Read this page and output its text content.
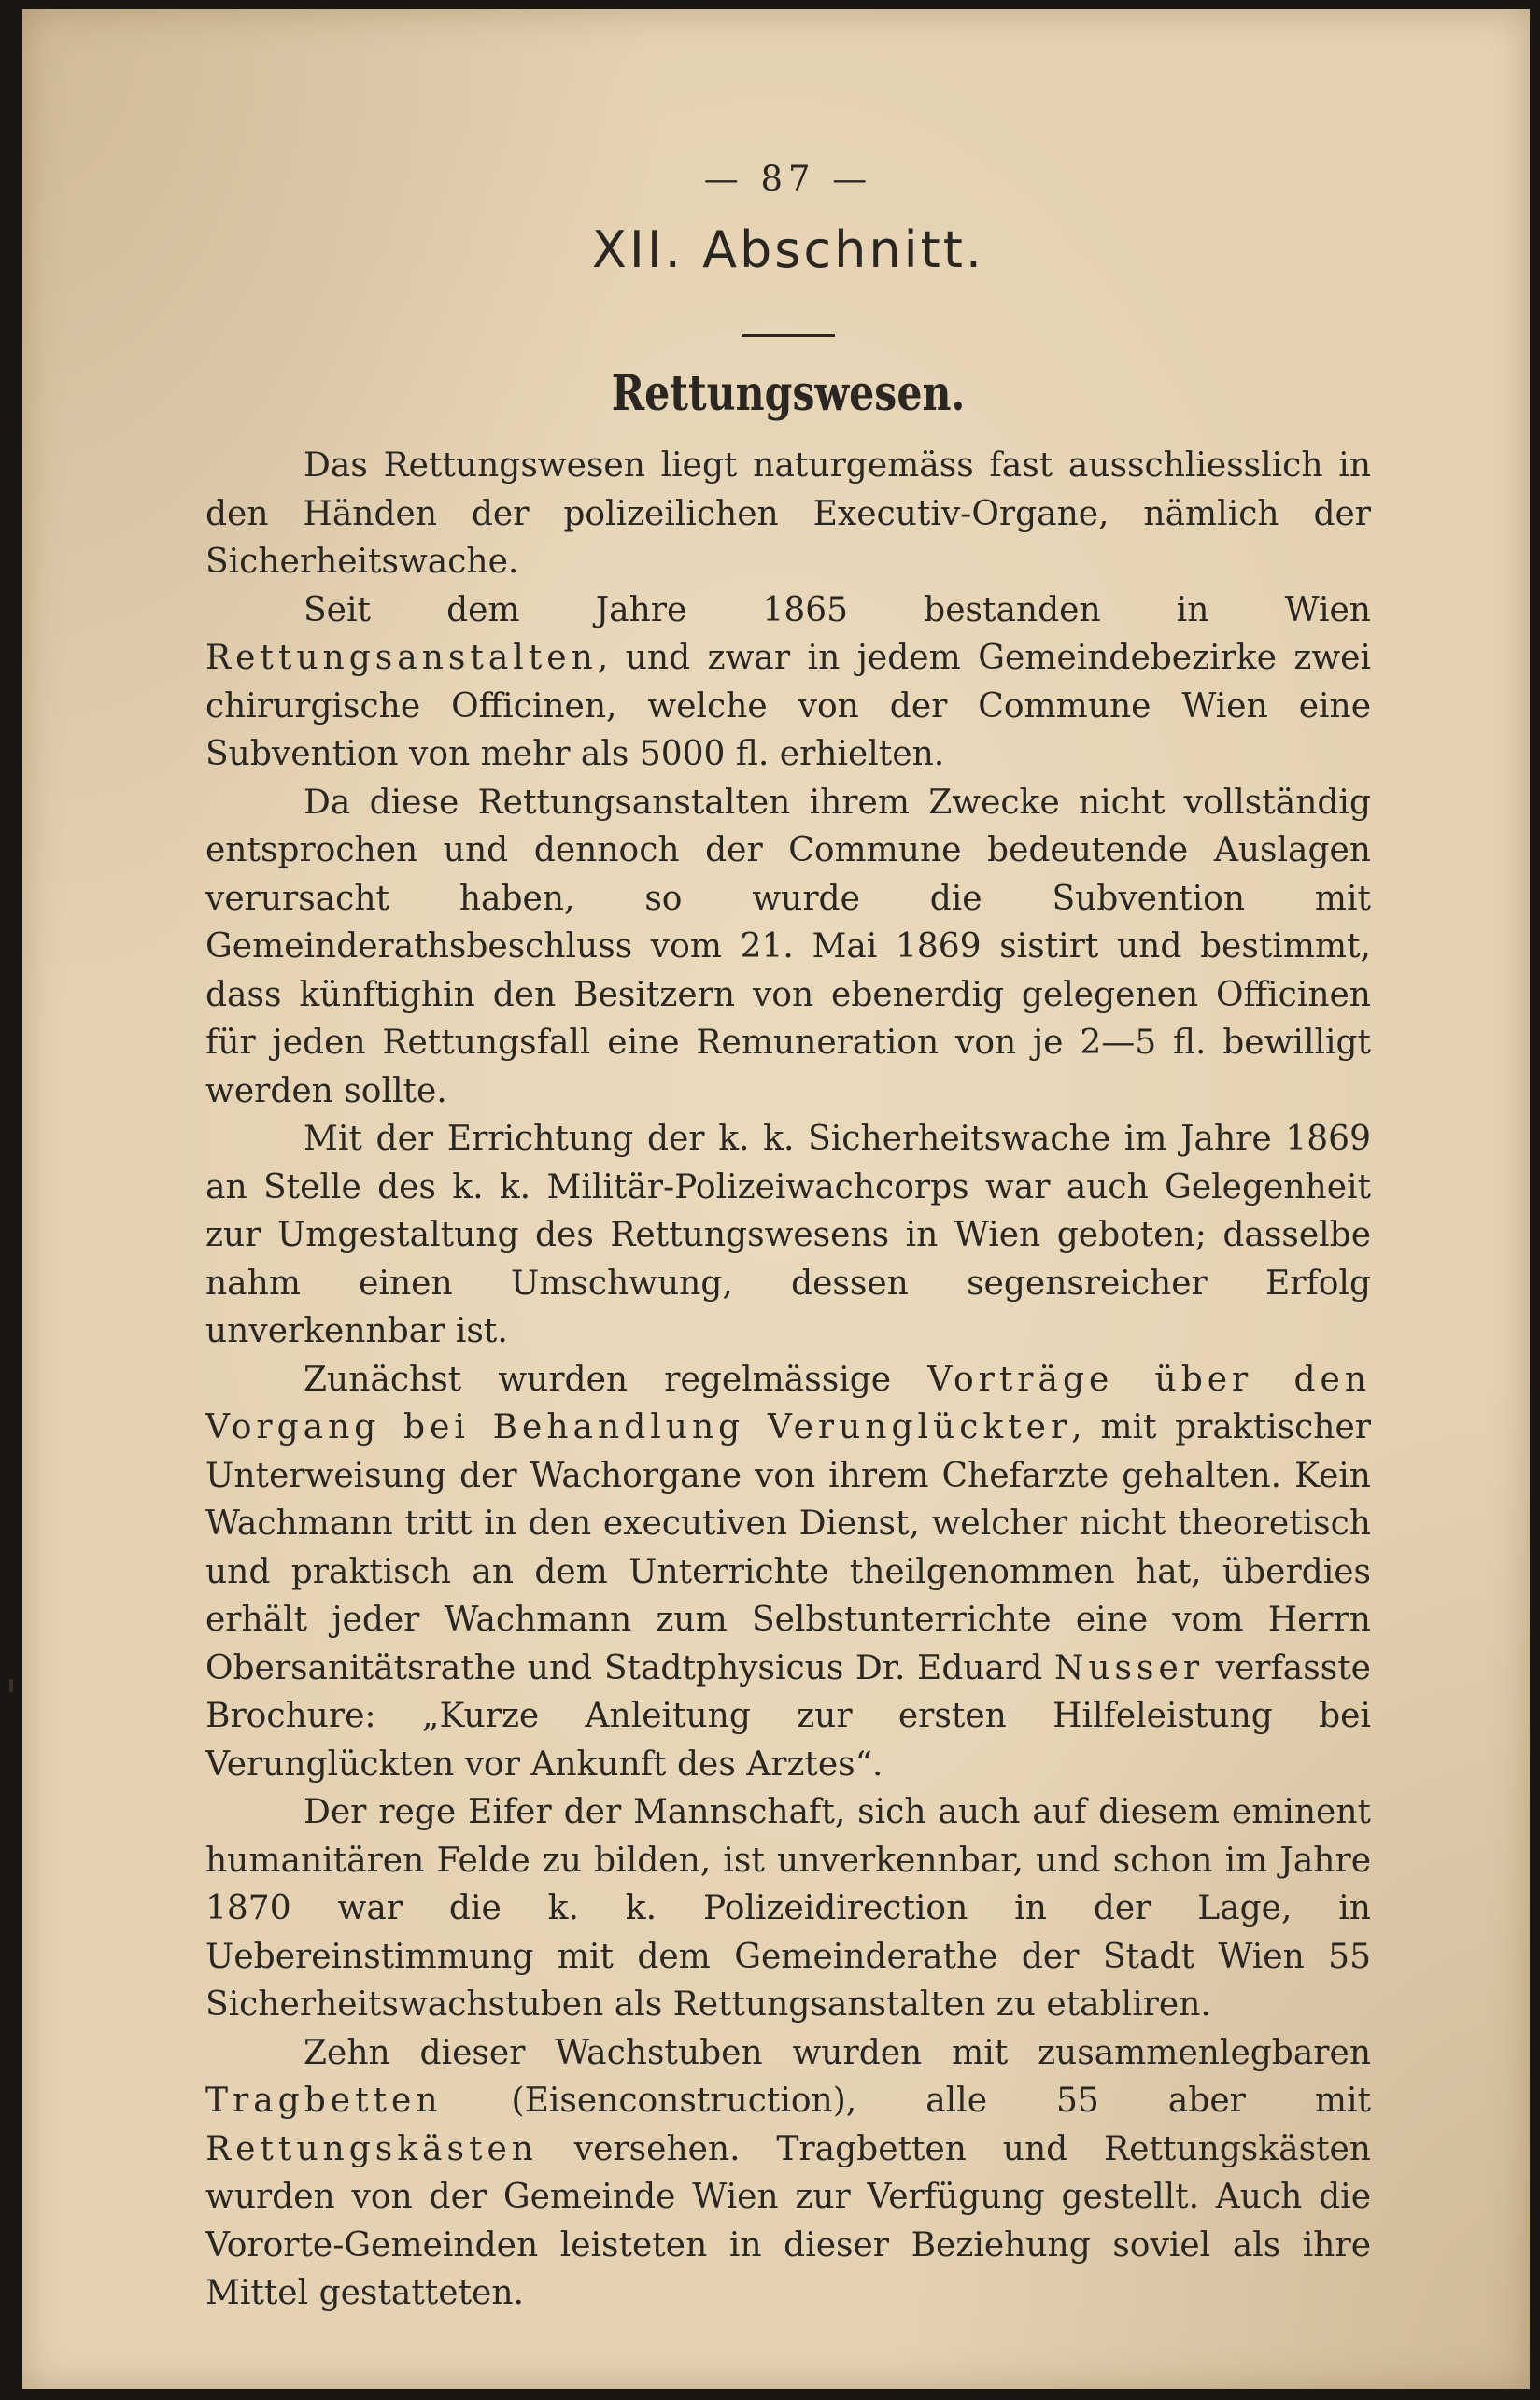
— 87 —
XII. Abschnitt.
Rettungswesen.

Das Rettungswesen liegt naturgemäss fast ausschliesslich in den Händen der polizeilichen Executiv-Organe, nämlich der Sicherheitswache.

Seit dem Jahre 1865 bestanden in Wien Rettungsanstalten, und zwar in jedem Gemeindebezirke zwei chirurgische Officinen, welche von der Commune Wien eine Subvention von mehr als 5000 fl. erhielten.

Da diese Rettungsanstalten ihrem Zwecke nicht vollständig entsprochen und dennoch der Commune bedeutende Auslagen verursacht haben, so wurde die Subvention mit Gemeinderathsbeschluss vom 21. Mai 1869 sistirt und bestimmt, dass künftighin den Besitzern von ebenerdig gelegenen Officinen für jeden Rettungsfall eine Remuneration von je 2—5 fl. bewilligt werden sollte.

Mit der Errichtung der k. k. Sicherheitswache im Jahre 1869 an Stelle des k. k. Militär-Polizeiwachcorps war auch Gelegenheit zur Umgestaltung des Rettungswesens in Wien geboten; dasselbe nahm einen Umschwung, dessen segensreicher Erfolg unverkennbar ist.

Zunächst wurden regelmässige Vorträge über den Vorgang bei Behandlung Verunglückter, mit praktischer Unterweisung der Wachorgane von ihrem Chefarzte gehalten. Kein Wachmann tritt in den executiven Dienst, welcher nicht theoretisch und praktisch an dem Unterrichte theilgenommen hat, überdies erhält jeder Wachmann zum Selbstunterrichte eine vom Herrn Obersanitätsrathe und Stadtphysicus Dr. Eduard Nusser verfasste Brochure: „Kurze Anleitung zur ersten Hilfeleistung bei Verunglückten vor Ankunft des Arztes“.

Der rege Eifer der Mannschaft, sich auch auf diesem eminent humanitären Felde zu bilden, ist unverkennbar, und schon im Jahre 1870 war die k. k. Polizeidirection in der Lage, in Uebereinstimmung mit dem Gemeinderathe der Stadt Wien 55 Sicherheitswachstuben als Rettungsanstalten zu etabliren.

Zehn dieser Wachstuben wurden mit zusammenlegbaren Tragbetten (Eisenconstruction), alle 55 aber mit Rettungskästen versehen. Tragbetten und Rettungskästen wurden von der Gemeinde Wien zur Verfügung gestellt. Auch die Vororte-Gemeinden leisteten in dieser Beziehung soviel als ihre Mittel gestatteten.
